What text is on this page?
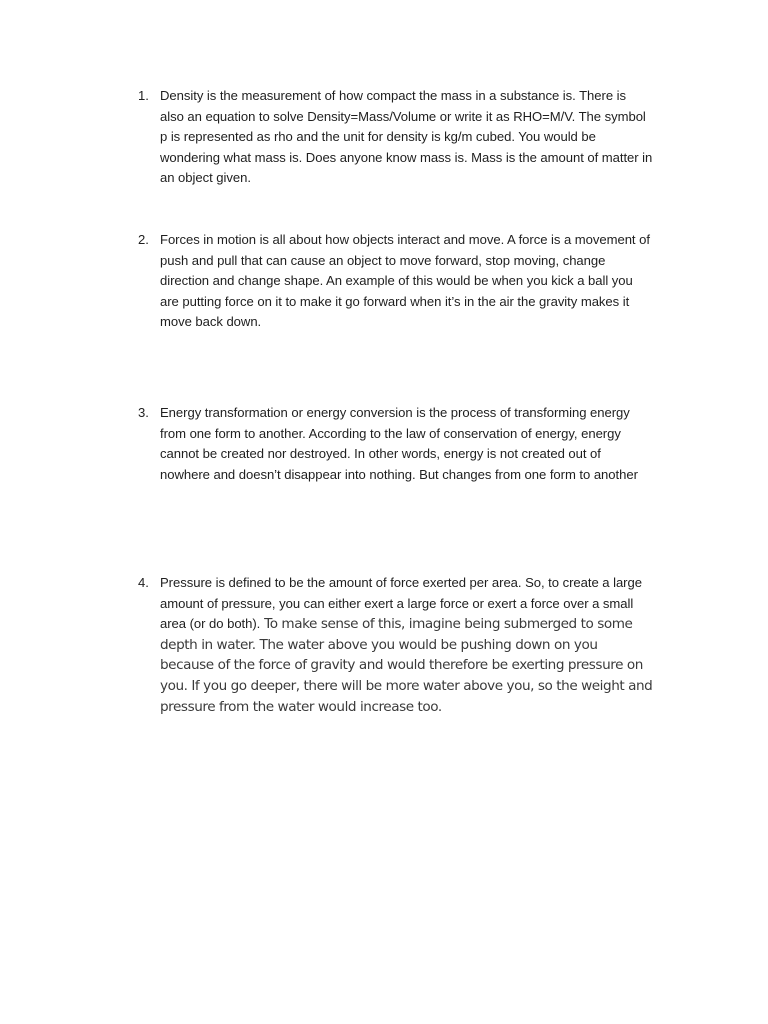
1. Density is the measurement of how compact the mass in a substance is. There is also an equation to solve Density=Mass/Volume or write it as RHO=M/V. The symbol p is represented as rho and the unit for density is kg/m cubed. You would be wondering what mass is. Does anyone know mass is. Mass is the amount of matter in an object given.
2. Forces in motion is all about how objects interact and move. A force is a movement of push and pull that can cause an object to move forward, stop moving, change direction and change shape. An example of this would be when you kick a ball you are putting force on it to make it go forward when it’s in the air the gravity makes it move back down.
3. Energy transformation or energy conversion is the process of transforming energy from one form to another. According to the law of conservation of energy, energy cannot be created nor destroyed. In other words, energy is not created out of nowhere and doesn’t disappear into nothing. But changes from one form to another
4. Pressure is defined to be the amount of force exerted per area. So, to create a large amount of pressure, you can either exert a large force or exert a force over a small area (or do both). To make sense of this, imagine being submerged to some depth in water. The water above you would be pushing down on you because of the force of gravity and would therefore be exerting pressure on you. If you go deeper, there will be more water above you, so the weight and pressure from the water would increase too.
